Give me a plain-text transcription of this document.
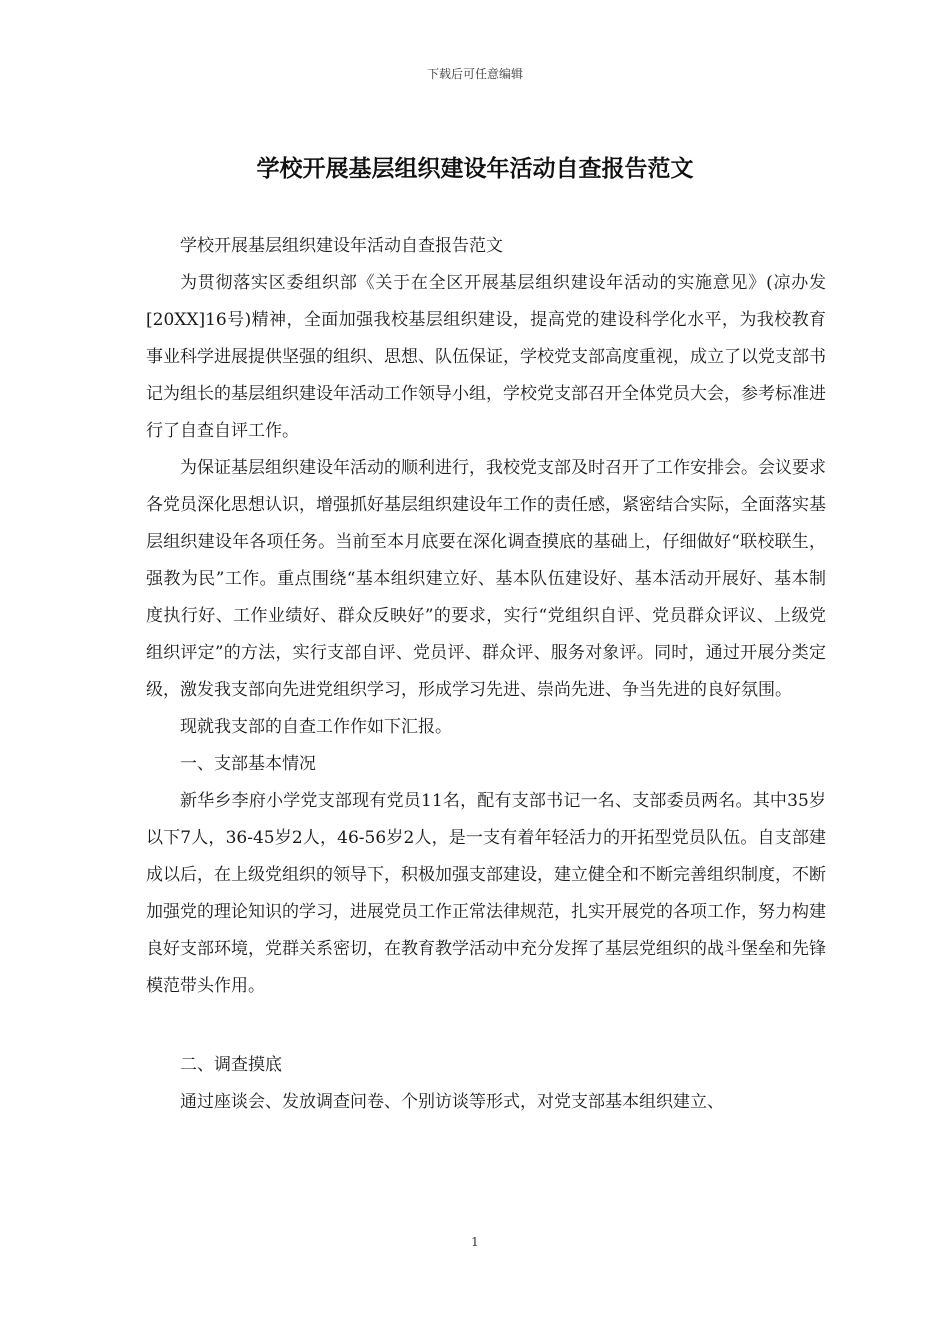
下载后可任意编辑
学校开展基层组织建设年活动自查报告范文

学校开展基层组织建设年活动自查报告范文

为贯彻落实区委组织部《关于在全区开展基层组织建设年活动的实施意见》(凉办发[20XX]16号)精神，全面加强我校基层组织建设，提高党的建设科学化水平，为我校教育事业科学进展提供坚强的组织、思想、队伍保证，学校党支部高度重视，成立了以党支部书记为组长的基层组织建设年活动工作领导小组，学校党支部召开全体党员大会，参考标准进行了自查自评工作。

为保证基层组织建设年活动的顺利进行，我校党支部及时召开了工作安排会。会议要求各党员深化思想认识，增强抓好基层组织建设年工作的责任感，紧密结合实际，全面落实基层组织建设年各项任务。当前至本月底要在深化调查摸底的基础上，仔细做好“联校联生，强教为民”工作。重点围绕“基本组织建立好、基本队伍建设好、基本活动开展好、基本制度执行好、工作业绩好、群众反映好”的要求，实行“党组织自评、党员群众评议、上级党组织评定”的方法，实行支部自评、党员评、群众评、服务对象评。同时，通过开展分类定级，激发我支部向先进党组织学习，形成学习先进、崇尚先进、争当先进的良好氛围。

现就我支部的自查工作作如下汇报。

一、支部基本情况

新华乡李府小学党支部现有党员11名，配有支部书记一名、支部委员两名。其中35岁以下7人，36-45岁2人，46-56岁2人，是一支有着年轻活力的开拓型党员队伍。自支部建成以后，在上级党组织的领导下，积极加强支部建设，建立健全和不断完善组织制度，不断加强党的理论知识的学习，进展党员工作正常法律规范，扎实开展党的各项工作，努力构建良好支部环境，党群关系密切，在教育教学活动中充分发挥了基层党组织的战斗堡垒和先锋模范带头作用。

二、调查摸底

通过座谈会、发放调查问卷、个别访谈等形式，对党支部基本组织建立、

1
